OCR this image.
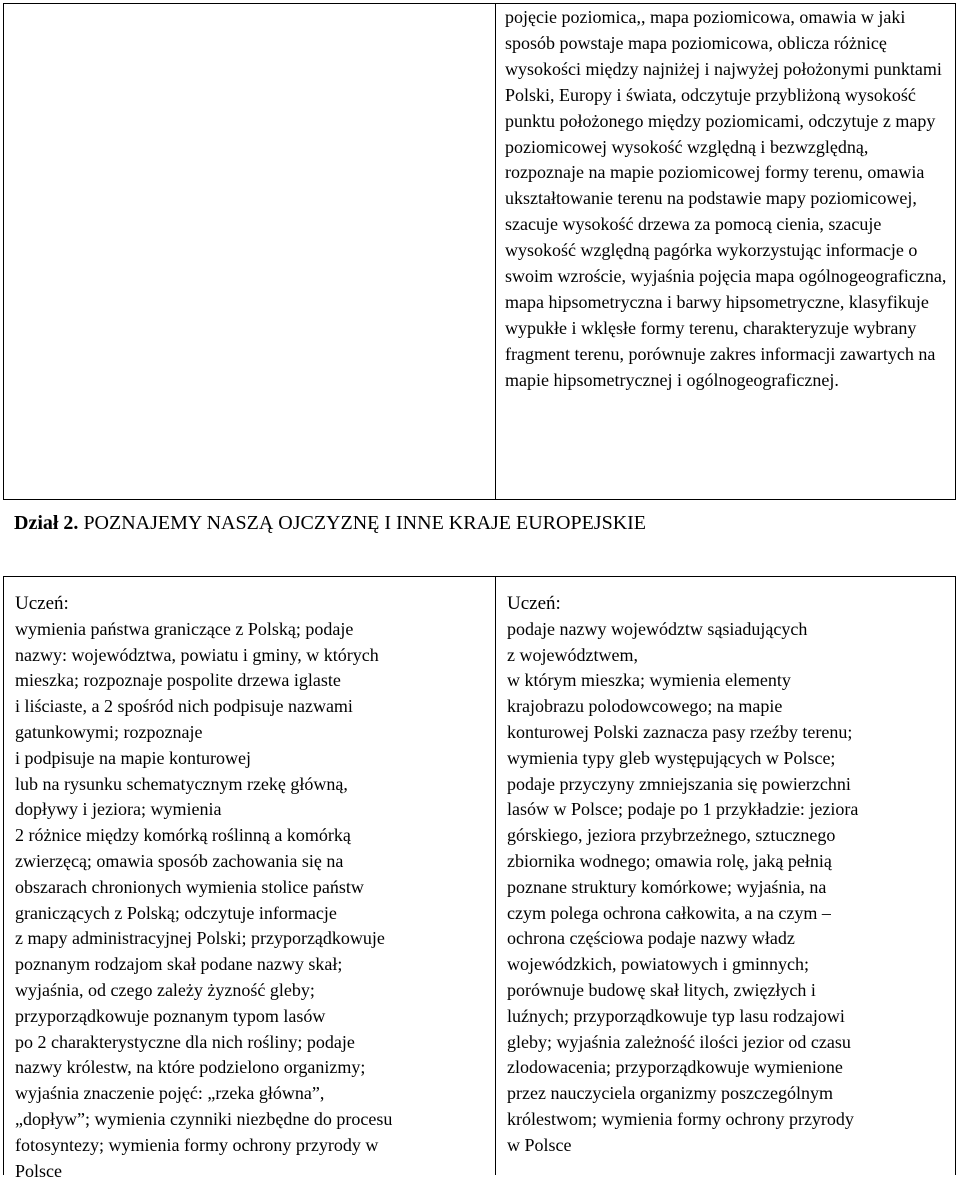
pojęcie poziomica,, mapa poziomicowa, omawia w jaki sposób powstaje mapa poziomicowa, oblicza różnicę wysokości między najniżej i najwyżej położonymi punktami Polski, Europy i świata, odczytuje przybliżoną wysokość punktu położonego między poziomicami, odczytuje z mapy poziomicowej wysokość względną i bezwzględną, rozpoznaje na mapie poziomicowej formy terenu, omawia ukształtowanie terenu na podstawie mapy poziomicowej, szacuje wysokość drzewa za pomocą cienia, szacuje wysokość względną pagórka wykorzystując informacje o swoim wzroście, wyjaśnia pojęcia mapa ogólnogeograficzna, mapa hipsometryczna i barwy hipsometryczne, klasyfikuje wypukłe i wklęsłe formy terenu, charakteryzuje wybrany fragment terenu, porównuje zakres informacji zawartych na mapie hipsometrycznej i ogólnogeograficznej.
Dział 2. POZNAJEMY NASZĄ OJCZYZNĘ I INNE KRAJE EUROPEJSKIE
Uczeń:
wymienia państwa graniczące z Polską; podaje
nazwy: województwa, powiatu i gminy, w których
mieszka; rozpoznaje pospolite drzewa iglaste
i liściaste, a 2 spośród nich podpisuje nazwami
gatunkowymi; rozpoznaje
i podpisuje na mapie konturowej
lub na rysunku schematycznym rzekę główną,
dopływy i jeziora; wymienia
2 różnice między komórką roślinną a komórką
zwierzęcą; omawia sposób zachowania się na
obszarach chronionych wymienia stolice państw
graniczących z Polską; odczytuje informacje
z mapy administracyjnej Polski; przyporządkowuje
poznanym rodzajom skał podane nazwy skał;
wyjaśnia, od czego zależy żyzność gleby;
przyporządkowuje poznanym typom lasów
po 2 charakterystyczne dla nich rośliny; podaje
nazwy królestw, na które podzielono organizmy;
wyjaśnia znaczenie pojęć: „rzeka główna”,
„dopływ”; wymienia czynniki niezbędne do procesu
fotosyntezy; wymienia formy ochrony przyrody w
Polsce
Uczeń:
podaje nazwy województw sąsiadujących
z województwem,
w którym mieszka; wymienia elementy
krajobrazu polodowcowego; na mapie
konturowej Polski zaznacza pasy rzeźby terenu;
wymienia typy gleb występujących w Polsce;
podaje przyczyny zmniejszania się powierzchni
lasów w Polsce; podaje po 1 przykładzie: jeziora
górskiego, jeziora przybrzeżnego, sztucznego
zbiornika wodnego; omawia rolę, jaką pełnią
poznane struktury komórkowe; wyjaśnia, na
czym polega ochrona całkowita, a na czym –
ochrona częściowa podaje nazwy władz
wojewódzkich, powiatowych i gminnych;
porównuje budowę skał litych, zwięzłych i
luźnych; przyporządkowuje typ lasu rodzajowi
gleby; wyjaśnia zależność ilości jezior od czasu
zlodowacenia; przyporządkowuje wymienione
przez nauczyciela organizmy poszczególnym
królestwom; wymienia formy ochrony przyrody
w Polsce
